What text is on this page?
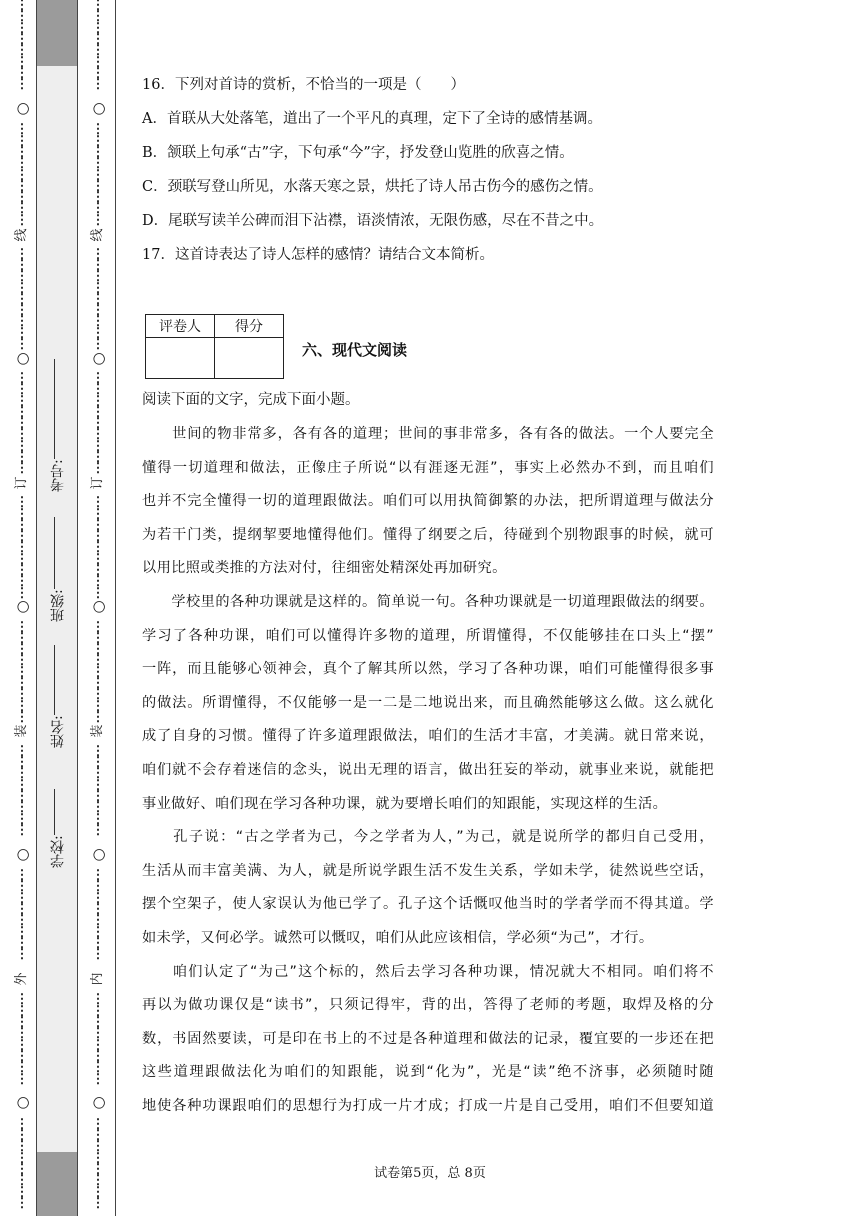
⋮
⋮
⋮
⋮
⋮
⋮
⋮
⋮
⋮
⋮
⋮
⋮
⋮
⋮
⋮
⋮
⋮
⋮
⋮
⋮
⋮
⋮
⋮
⋮
⋮
⋮
⋮
⋮
⋮
⋮
⋮
⋮
⋮
⋮
⋮
⋮
⋮
⋮
⋮
⋮
⋮
⋮
⋮
⋮
⋮
⋮
⋮
⋮
⋮
⋮
⋮
⋮
⋮
⋮
⋮
⋮
⋮
⋮
⋮
⋮
⋮
⋮
⋮
⋮
⋮
⋮
⋮
⋮
⋮
⋮
⋮
⋮
⋮
⋮
⋮
⋮
⋮
⋮
⋮
⋮
⋮
⋮
⋮
⋮
⋮
○
线
○
订
○
装
○
外
○
⋮
⋮
⋮
⋮
⋮
⋮
⋮
⋮
⋮
⋮
⋮
⋮
⋮
⋮
⋮
⋮
⋮
⋮
⋮
⋮
⋮
⋮
⋮
⋮
⋮
⋮
⋮
⋮
⋮
⋮
⋮
⋮
⋮
⋮
⋮
⋮
⋮
⋮
⋮
⋮
⋮
⋮
⋮
⋮
⋮
⋮
⋮
⋮
⋮
⋮
⋮
⋮
⋮
⋮
⋮
⋮
⋮
⋮
⋮
⋮
⋮
⋮
⋮
⋮
⋮
⋮
⋮
⋮
⋮
⋮
⋮
⋮
⋮
⋮
⋮
⋮
⋮
⋮
⋮
⋮
⋮
⋮
⋮
⋮
⋮
○
线
○
订
○
装
○
内
○
学校:
姓名:
班级:
考号:
16．下列对首诗的赏析，不恰当的一项是（　　）
A．首联从大处落笔，道出了一个平凡的真理，定下了全诗的感情基调。
B．颔联上句承“古”字，下句承“今”字，抒发登山览胜的欣喜之情。
C．颈联写登山所见，水落天寒之景，烘托了诗人吊古伤今的感伤之情。
D．尾联写读羊公碑而泪下沾襟，语淡情浓，无限伤感，尽在不昔之中。
17．这首诗表达了诗人怎样的感情？请结合文本简析。
评卷人	得分

六、现代文阅读
阅读下面的文字，完成下面小题。
　　世间的物非常多，各有各的道理；世间的事非常多，各有各的做法。一个人要完全
懂得一切道理和做法，正像庄子所说“以有涯逐无涯”，事实上必然办不到，而且咱们
也并不完全懂得一切的道理跟做法。咱们可以用执简御繁的办法，把所谓道理与做法分
为若干门类，提纲挈要地懂得他们。懂得了纲要之后，待碰到个别物跟事的时候，就可
以用比照或类推的方法对付，往细密处精深处再加研究。
　　学校里的各种功课就是这样的。简单说一句。各种功课就是一切道理跟做法的纲要。
学习了各种功课，咱们可以懂得许多物的道理，所谓懂得，不仅能够挂在口头上“摆”
一阵，而且能够心领神会，真个了解其所以然，学习了各种功课，咱们可能懂得很多事
的做法。所谓懂得，不仅能够一是一二是二地说出来，而且确然能够这么做。这么就化
成了自身的习惯。懂得了许多道理跟做法，咱们的生活才丰富，才美满。就日常来说，
咱们就不会存着迷信的念头，说出无理的语言，做出狂妄的举动，就事业来说，就能把
事业做好、咱们现在学习各种功课，就为要增长咱们的知跟能，实现这样的生活。
　　孔子说：“古之学者为己，今之学者为人，”为己，就是说所学的都归自己受用，
生活从而丰富美满、为人，就是所说学跟生活不发生关系，学如未学，徒然说些空话，
摆个空架子，使人家误认为他已学了。孔子这个话慨叹他当时的学者学而不得其道。学
如未学，又何必学。诚然可以慨叹，咱们从此应该相信，学必须“为己”，才行。
　　咱们认定了“为己”这个标的，然后去学习各种功课，情况就大不相同。咱们将不
再以为做功课仅是“读书”，只须记得牢，背的出，答得了老师的考题，取焊及格的分
数，书固然要读，可是印在书上的不过是各种道理和做法的记录，覆宜要的一步还在把
这些道理跟做法化为咱们的知跟能，说到“化为”，光是“读”绝不济事，必须随时随
地使各种功课跟咱们的思想行为打成一片才成；打成一片是自己受用，咱们不但要知道
试卷第5页，总 8页
